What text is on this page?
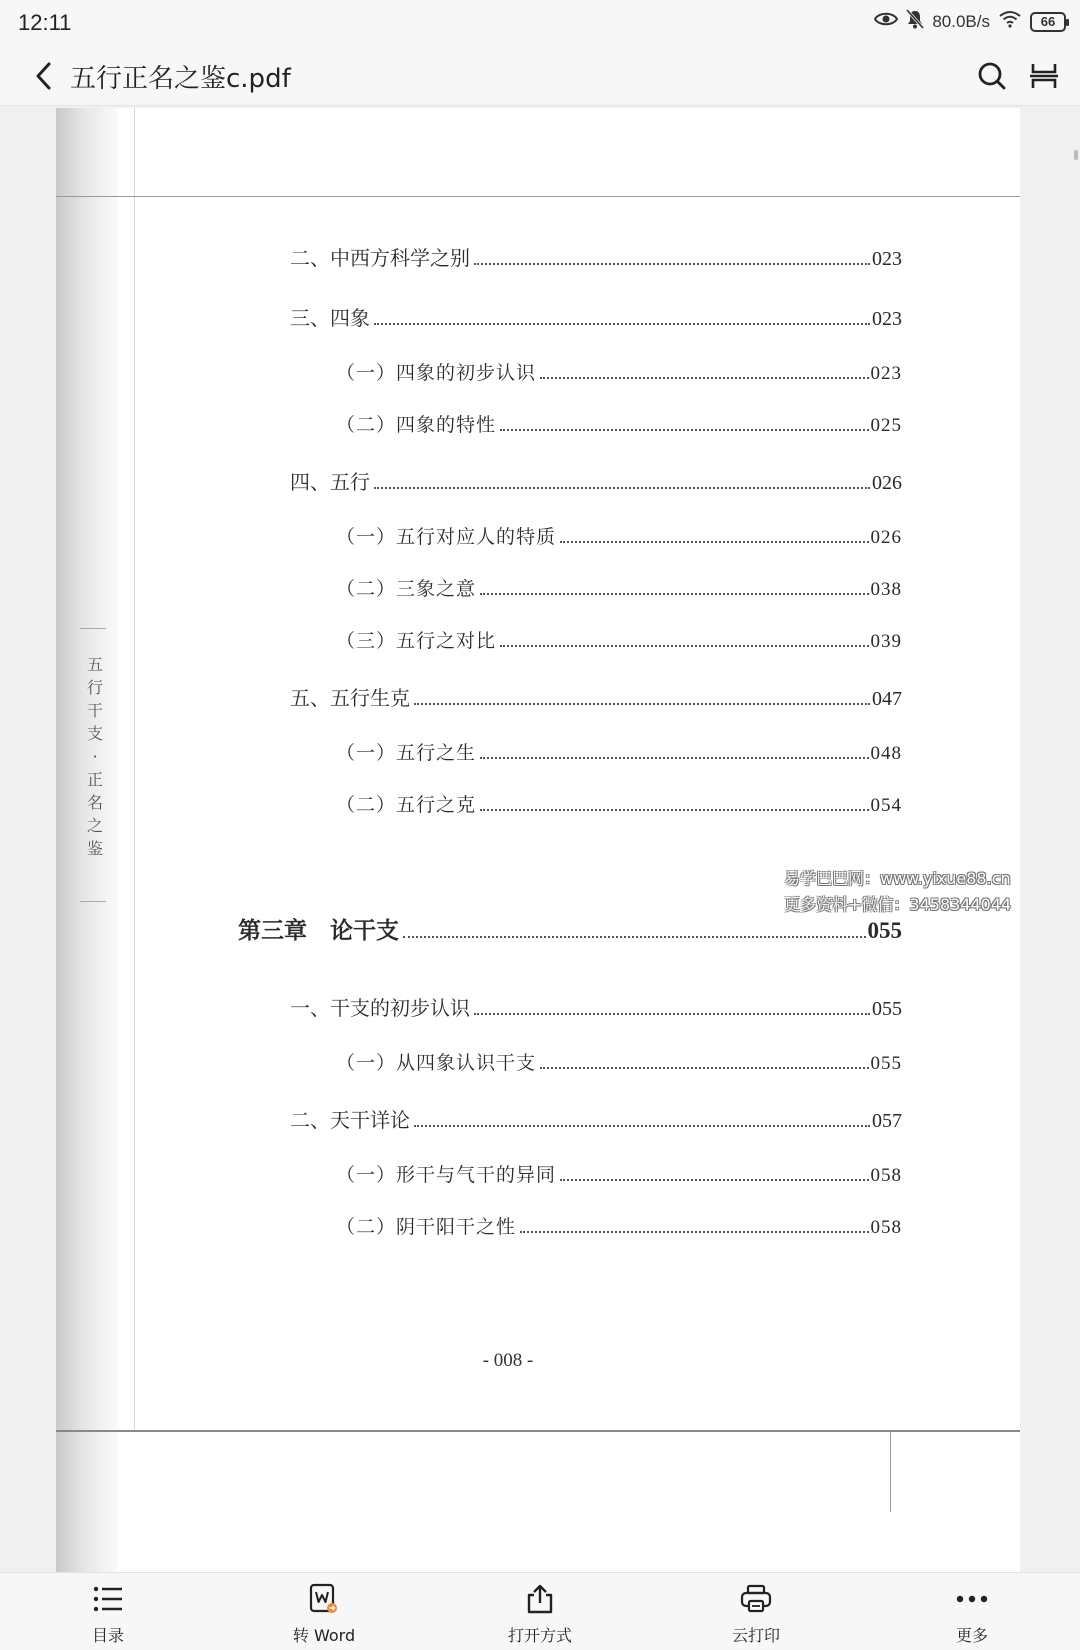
12:11	80.0B/s	66
五行正名之鉴c.pdf
五
行
干
支
·
正
名
之
鉴
二、中西方科学之别	023
三、四象	023
（一）四象的初步认识	023
（二）四象的特性	025
四、五行	026
（一）五行对应人的特质	026
（二）三象之意	038
（三）五行之对比	039
五、五行生克	047
（一）五行之生	048
（二）五行之克	054
第三章　论干支	055
一、干支的初步认识	055
（一）从四象认识干支	055
二、天干详论	057
（一）形干与气干的异同	058
（二）阴干阳干之性	058
- 008 -
易学巴巴网：www.yixue88.cn
更多资料+微信：3458344044
目录	转 Word	打开方式	云打印	更多
